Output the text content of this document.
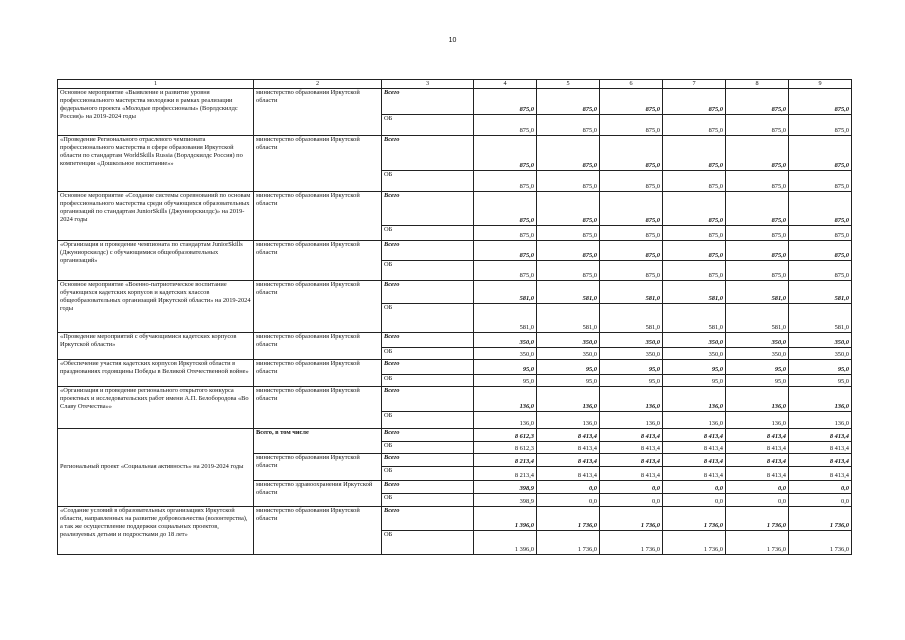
10
1	2	3	4	5	6	7	8	9
Основное мероприятие «Выявление и развитие уровня профессионального мастерства молодежи в рамках реализации федерального проекта «Молодые профессионалы» (Ворлдскилдс Россия)» на 2019-2024 годы	министерство образования Иркутской области	Всего	875,0	875,0	875,0	875,0	875,0	875,0
		ОБ	875,0	875,0	875,0	875,0	875,0	875,0
«Проведение Регионального отраслевого чемпионата профессионального мастерства в сфере образования Иркутской области по стандартам WorldSkills Russia (Ворлдскилдс Россия) по компетенции «Дошкольное воспитание»»	министерство образования Иркутской области	Всего	875,0	875,0	875,0	875,0	875,0	875,0
		ОБ	875,0	875,0	875,0	875,0	875,0	875,0
Основное мероприятие «Создание системы соревнований по основам профессионального мастерства среди обучающихся образовательных организаций по стандартам JuniorSkills (Джуниорскилдс)» на 2019-2024 годы	министерство образования Иркутской области	Всего	875,0	875,0	875,0	875,0	875,0	875,0
		ОБ	875,0	875,0	875,0	875,0	875,0	875,0
«Организация и проведение чемпионата по стандартам JuniorSkills (Джуниорскилдс) с обучающимися общеобразовательных организаций»	министерство образования Иркутской области	Всего	875,0	875,0	875,0	875,0	875,0	875,0
		ОБ	875,0	875,0	875,0	875,0	875,0	875,0
Основное мероприятие «Военно-патриотическое воспитание обучающихся кадетских корпусов и кадетских классов общеобразовательных организаций Иркутской области» на 2019-2024 годы	министерство образования Иркутской области	Всего	581,0	581,0	581,0	581,0	581,0	581,0
		ОБ	581,0	581,0	581,0	581,0	581,0	581,0
«Проведение мероприятий с обучающимися кадетских корпусов Иркутской области»	министерство образования Иркутской области	Всего	350,0	350,0	350,0	350,0	350,0	350,0
		ОБ	350,0	350,0	350,0	350,0	350,0	350,0
«Обеспечение участия кадетских корпусов Иркутской области в празднованиях годовщины Победы в Великой Отечественной войне»	министерство образования Иркутской области	Всего	95,0	95,0	95,0	95,0	95,0	95,0
		ОБ	95,0	95,0	95,0	95,0	95,0	95,0
«Организация и проведение регионального открытого конкурса проектных и исследовательских работ имени А.П. Белобородова «Во Славу Отечества»»	министерство образования Иркутской области	Всего	136,0	136,0	136,0	136,0	136,0	136,0
		ОБ	136,0	136,0	136,0	136,0	136,0	136,0
Региональный проект «Социальная активность» на 2019-2024 годы	Всего, в том числе	Всего	8 612,3	8 413,4	8 413,4	8 413,4	8 413,4	8 413,4
		ОБ	8 612,3	8 413,4	8 413,4	8 413,4	8 413,4	8 413,4
	министерство образования Иркутской области	Всего	8 213,4	8 413,4	8 413,4	8 413,4	8 413,4	8 413,4
		ОБ	8 213,4	8 413,4	8 413,4	8 413,4	8 413,4	8 413,4
	министерство здравоохранения Иркутской области	Всего	398,9	0,0	0,0	0,0	0,0	0,0
		ОБ	398,9	0,0	0,0	0,0	0,0	0,0
«Создание условий в образовательных организациях Иркутской области, направленных на развитие добровольчества (волонтерства), а так же осуществление поддержки социальных проектов, реализуемых детьми и подростками до 18 лет»	министерство образования Иркутской области	Всего	1 396,0	1 736,0	1 736,0	1 736,0	1 736,0	1 736,0
		ОБ	1 396,0	1 736,0	1 736,0	1 736,0	1 736,0	1 736,0
